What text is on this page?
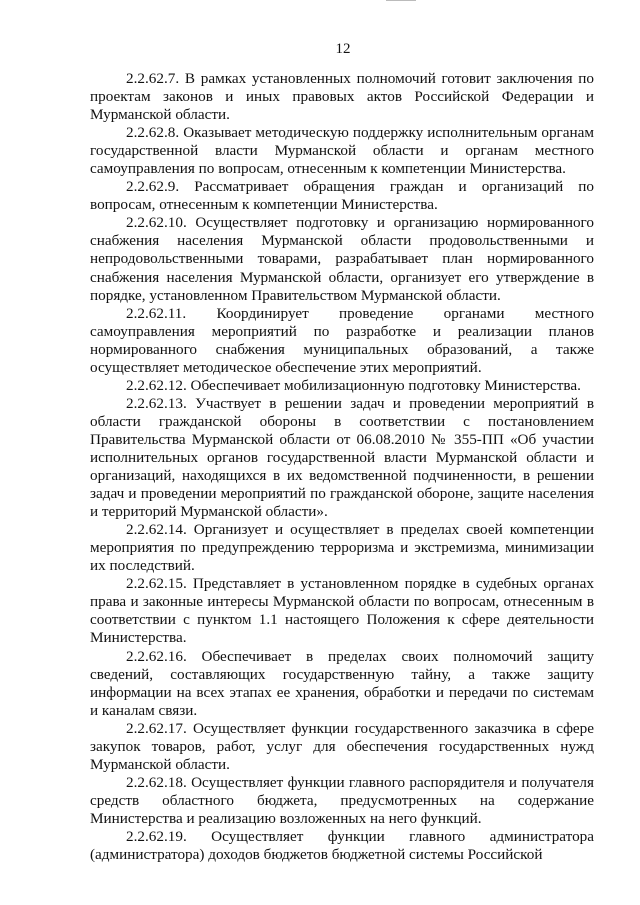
12

2.2.62.7. В рамках установленных полномочий готовит заключения по проектам законов и иных правовых актов Российской Федерации и Мурманской области.

2.2.62.8. Оказывает методическую поддержку исполнительным органам государственной власти Мурманской области и органам местного самоуправления по вопросам, отнесенным к компетенции Министерства.

2.2.62.9. Рассматривает обращения граждан и организаций по вопросам, отнесенным к компетенции Министерства.

2.2.62.10. Осуществляет подготовку и организацию нормированного снабжения населения Мурманской области продовольственными и непродовольственными товарами, разрабатывает план нормированного снабжения населения Мурманской области, организует его утверждение в порядке, установленном Правительством Мурманской области.

2.2.62.11. Координирует проведение органами местного самоуправления мероприятий по разработке и реализации планов нормированного снабжения муниципальных образований, а также осуществляет методическое обеспечение этих мероприятий.

2.2.62.12. Обеспечивает мобилизационную подготовку Министерства.

2.2.62.13. Участвует в решении задач и проведении мероприятий в области гражданской обороны в соответствии с постановлением Правительства Мурманской области от 06.08.2010 № 355-ПП «Об участии исполнительных органов государственной власти Мурманской области и организаций, находящихся в их ведомственной подчиненности, в решении задач и проведении мероприятий по гражданской обороне, защите населения и территорий Мурманской области».

2.2.62.14. Организует и осуществляет в пределах своей компетенции мероприятия по предупреждению терроризма и экстремизма, минимизации их последствий.

2.2.62.15. Представляет в установленном порядке в судебных органах права и законные интересы Мурманской области по вопросам, отнесенным в соответствии с пунктом 1.1 настоящего Положения к сфере деятельности Министерства.

2.2.62.16. Обеспечивает в пределах своих полномочий защиту сведений, составляющих государственную тайну, а также защиту информации на всех этапах ее хранения, обработки и передачи по системам и каналам связи.

2.2.62.17. Осуществляет функции государственного заказчика в сфере закупок товаров, работ, услуг для обеспечения государственных нужд Мурманской области.

2.2.62.18. Осуществляет функции главного распорядителя и получателя средств областного бюджета, предусмотренных на содержание Министерства и реализацию возложенных на него функций.

2.2.62.19. Осуществляет функции главного администратора (администратора) доходов бюджетов бюджетной системы Российской
